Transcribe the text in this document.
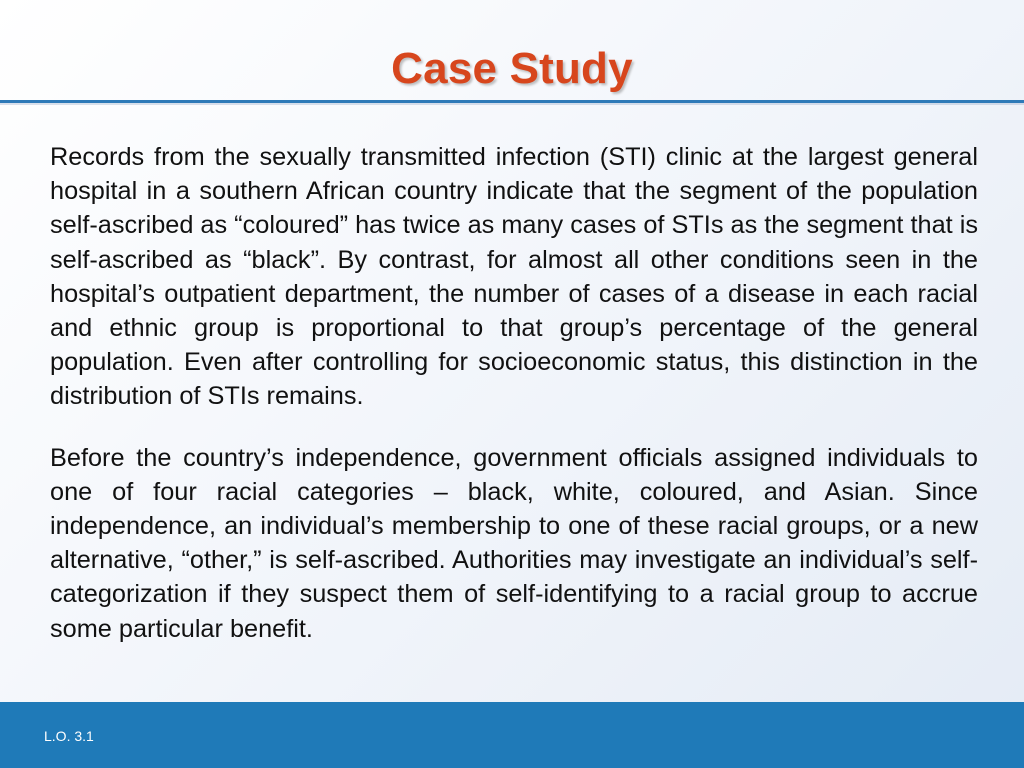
Case Study

Records from the sexually transmitted infection (STI) clinic at the largest general hospital in a southern African country indicate that the segment of the population self-ascribed as “coloured” has twice as many cases of STIs as the segment that is self-ascribed as “black”. By contrast, for almost all other conditions seen in the hospital’s outpatient department, the number of cases of a disease in each racial and ethnic group is proportional to that group’s percentage of the general population. Even after controlling for socioeconomic status, this distinction in the distribution of STIs remains.

Before the country’s independence, government officials assigned individuals to one of four racial categories – black, white, coloured, and Asian. Since independence, an individual’s membership to one of these racial groups, or a new alternative, “other,” is self-ascribed. Authorities may investigate an individual’s self-categorization if they suspect them of self-identifying to a racial group to accrue some particular benefit.

L.O. 3.1
